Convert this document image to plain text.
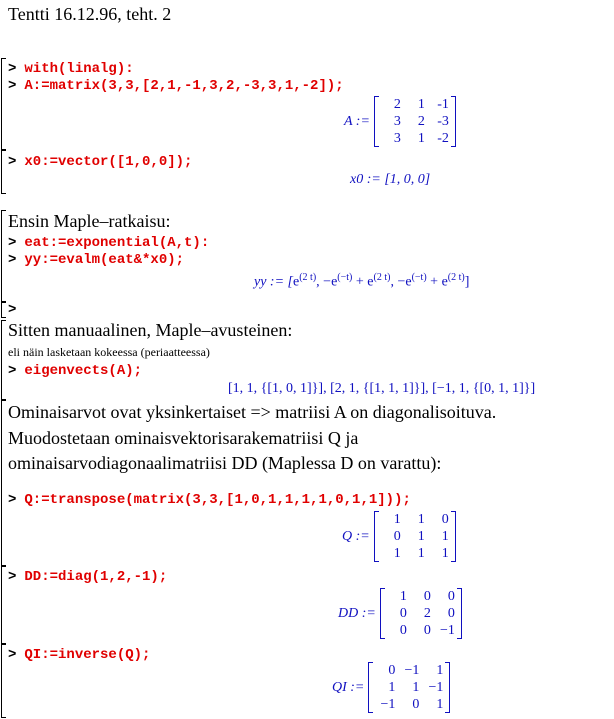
Tentti 16.12.96, teht. 2
> with(linalg):
> A:=matrix(3,3,[2,1,-1,3,2,-3,3,1,-2]);
A :=
2	1 -1
3	2 -3
3	1 -2
> x0:=vector([1,0,0]);
x0 := [1, 0, 0]
Ensin Maple–ratkaisu:
> eat:=exponential(A,t):
> yy:=evalm(eat&*x0);
yy := [$e^{(2 t)}$, $-e^{(-t)} + e^{(2 t)}$, $-e^{(-t)} + e^{(2 t)}$]
>
Sitten manuaalinen, Maple–avusteinen:
eli näin lasketaan kokeessa (periaatteessa)
> eigenvects(A);
[1, 1, {[1, 0, 1]}], [2, 1, {[1, 1, 1]}], [−1, 1, {[0, 1, 1]}]
Ominaisarvot ovat yksinkertaiset => matriisi A on diagonalisoituva.
Muodostetaan ominaisvektorisarakematriisi Q ja
ominaisarvodiagonaalimatriisi DD (Maplessa D on varattu):
> Q:=transpose(matrix(3,3,[1,0,1,1,1,1,0,1,1]));
Q :=
1	1	0
0	1	1
1	1	1
> DD:=diag(1,2,-1);
DD :=
1	0	0
0	2	0
0	0 −1
> QI:=inverse(Q);
QI :=
0 −1	1
1	1 −1
−1	0	1
